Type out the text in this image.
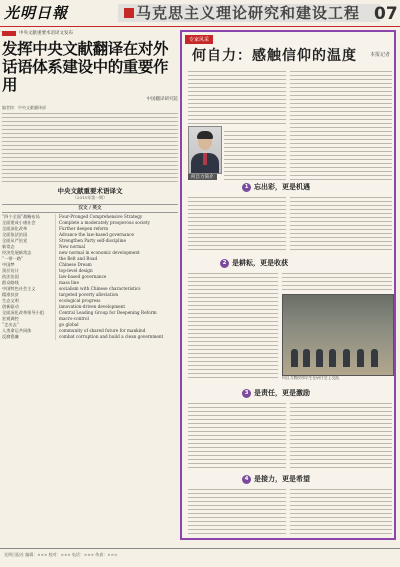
光明日報	马克思主义理论研究和建设工程 07
中央文献重要术语译文发布
发挥中央文献翻译在对外话语体系建设中的重要作用
中国翻译研究院
编者按：中央文献翻译部
中央文献重要术语译文
（2015年第一期）
汉文 / 英文
“四个全面”战略布局	Four-Pronged Comprehensive Strategy
全面建成小康社会	Complete a moderately prosperous society
全面深化改革	Further deepen reform
全面依法治国	Advance the law-based governance
全面从严治党	Strengthen Party self-discipline
新常态	New normal
经济发展新常态	new normal in economic development
“一带一路”	the Belt and Road
中国梦	Chinese Dream
顶层设计	top-level design
依法治国	law-based governance
群众路线	mass line
中国特色社会主义	socialism with Chinese characteristics
精准扶贫	targeted poverty alleviation
生态文明	ecological progress
创新驱动	innovation-driven development
全面深化改革领导小组	Central Leading Group for Deepening Reform
宏观调控	macro-control
“走出去”	go global
人类命运共同体	community of shared future for mankind
反腐倡廉	combat corruption and build a clean government
专家风采
何自力：感触信仰的温度	本报记者
何自力简介
1 忘出彩，更是机遇
2 是耕耘，更是收获
何自力教授和学生在研讨会上交流
3 是责任，更是激励
4 是接力，更是希望
光明日报社 编辑：××× 校对：××× 电话：××× 传真：×××
